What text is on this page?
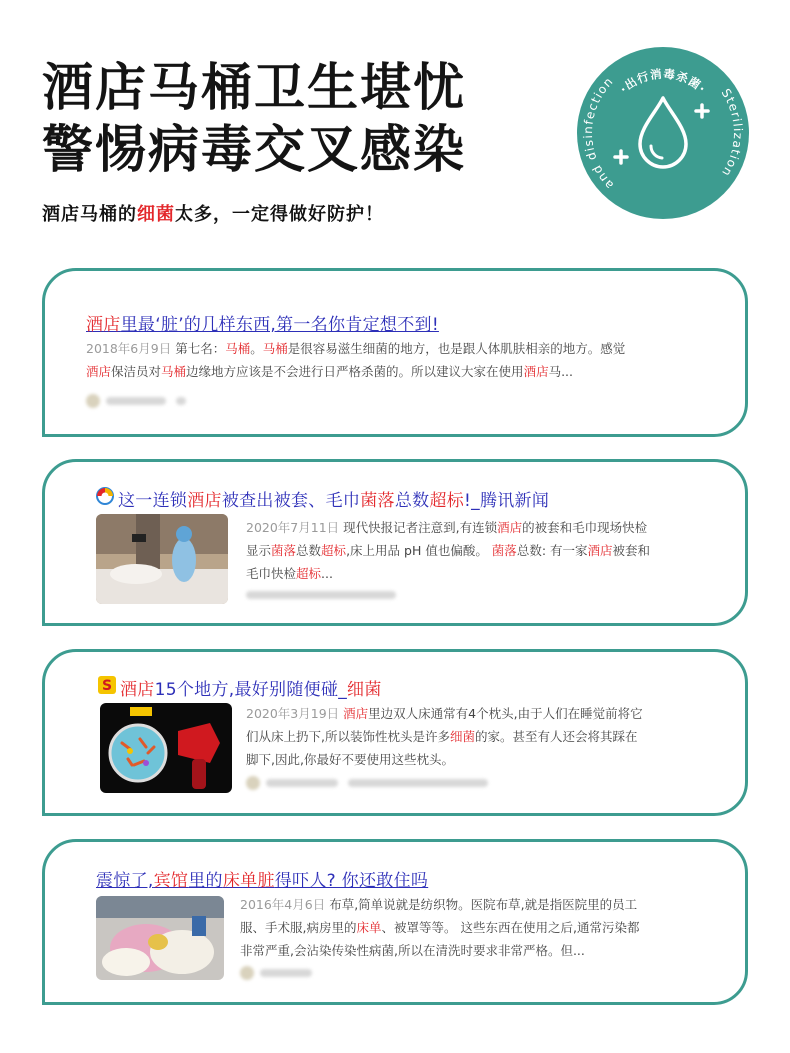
酒店马桶卫生堪忧
警惕病毒交叉感染

酒店马桶的细菌太多，一定得做好防护！

·出行消毒杀菌· Sterilization
and disinfection
酒店里最‘脏’的几样东西,第一名你肯定想不到!
2018年6月9日 第七名：马桶。马桶是很容易滋生细菌的地方，也是跟人体肌肤相亲的地方。感觉
酒店保洁员对马桶边缘地方应该是不会进行日严格杀菌的。所以建议大家在使用酒店马...
这一连锁酒店被查出被套、毛巾菌落总数超标!_腾讯新闻
2020年7月11日 现代快报记者注意到,有连锁酒店的被套和毛巾现场快检
显示菌落总数超标,床上用品 pH 值也偏酸。 菌落总数: 有一家酒店被套和
毛巾快检超标...
S 酒店15个地方,最好别随便碰_细菌
2020年3月19日 酒店里边双人床通常有4个枕头,由于人们在睡觉前将它
们从床上扔下,所以装饰性枕头是许多细菌的家。甚至有人还会将其踩在
脚下,因此,你最好不要使用这些枕头。
震惊了,宾馆里的床单脏得吓人? 你还敢住吗
2016年4月6日 布草,简单说就是纺织物。医院布草,就是指医院里的员工
服、手术服,病房里的床单、被罩等等。 这些东西在使用之后,通常污染都
非常严重,会沾染传染性病菌,所以在清洗时要求非常严格。但...
